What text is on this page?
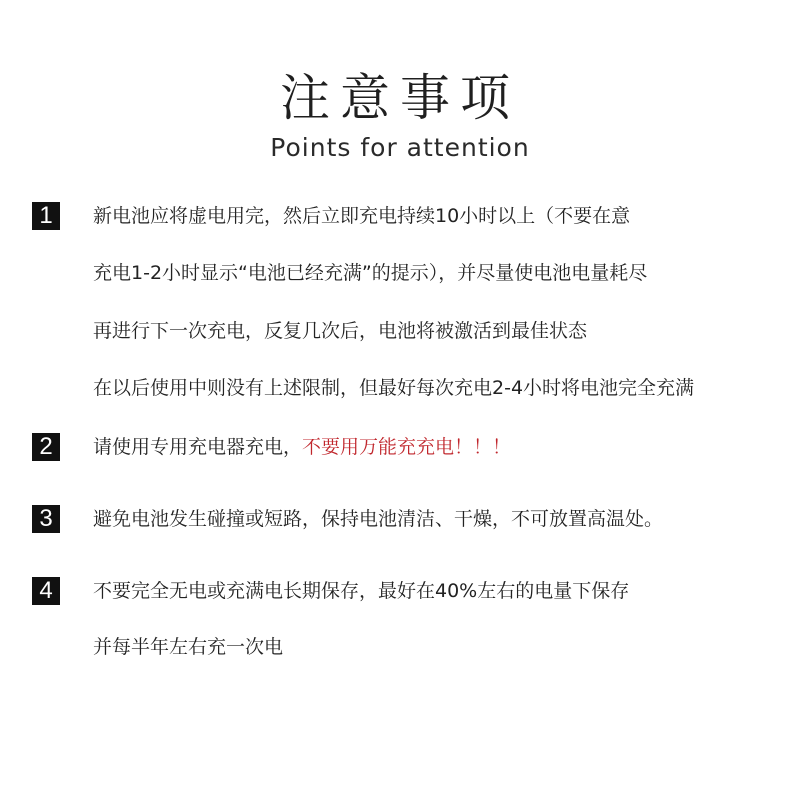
注意事项
Points for attention
1	新电池应将虚电用完，然后立即充电持续10小时以上（不要在意
充电1-2小时显示“电池已经充满”的提示），并尽量使电池电量耗尽
再进行下一次充电，反复几次后，电池将被激活到最佳状态
在以后使用中则没有上述限制，但最好每次充电2-4小时将电池完全充满
2	请使用专用充电器充电，不要用万能充充电！！！
3	避免电池发生碰撞或短路，保持电池清洁、干燥，不可放置高温处。
4	不要完全无电或充满电长期保存，最好在40%左右的电量下保存
并每半年左右充一次电
